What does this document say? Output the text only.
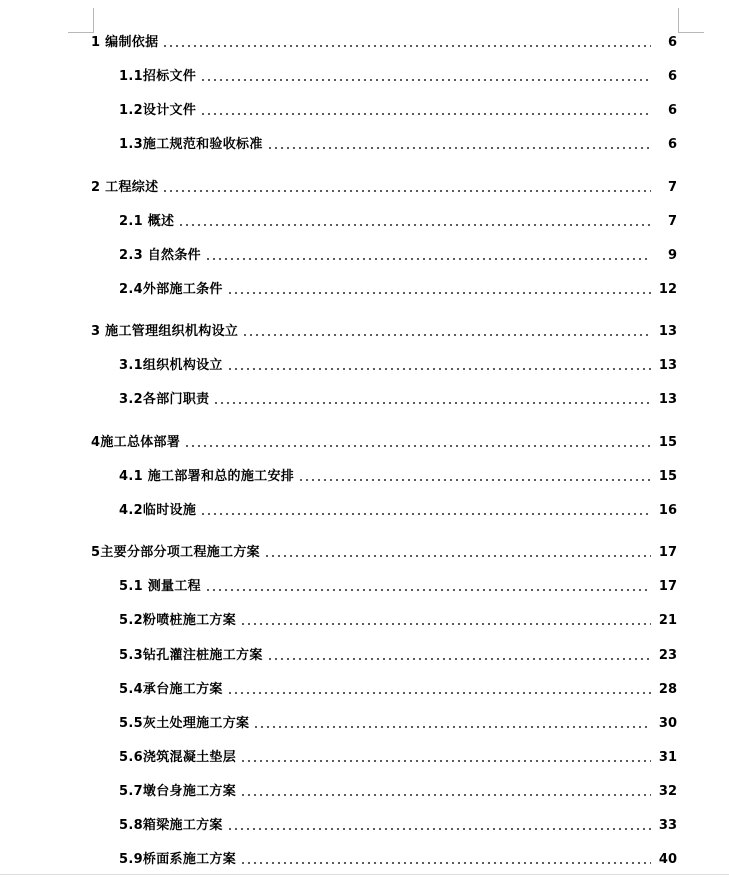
1 编制依据	6
1.1招标文件	6
1.2设计文件	6
1.3施工规范和验收标准	6
2 工程综述	7
2.1 概述	7
2.3 自然条件	9
2.4外部施工条件	12
3 施工管理组织机构设立	13
3.1组织机构设立	13
3.2各部门职责	13
4施工总体部署	15
4.1 施工部署和总的施工安排	15
4.2临时设施	16
5主要分部分项工程施工方案	17
5.1 测量工程	17
5.2粉喷桩施工方案	21
5.3钻孔灌注桩施工方案	23
5.4承台施工方案	28
5.5灰土处理施工方案	30
5.6浇筑混凝土垫层	31
5.7墩台身施工方案	32
5.8箱梁施工方案	33
5.9桥面系施工方案	40
